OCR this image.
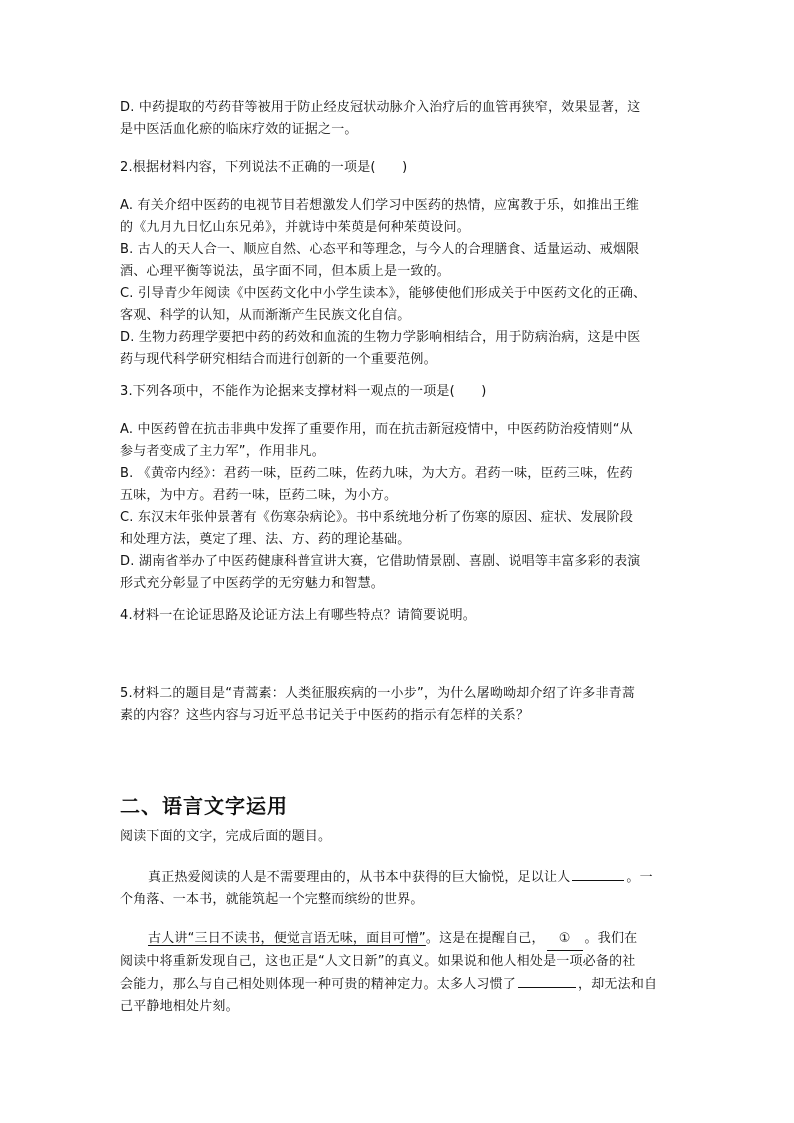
D. 中药提取的芍药苷等被用于防止经皮冠状动脉介入治疗后的血管再狭窄，效果显著，这
是中医活血化瘀的临床疗效的证据之一。
2.根据材料内容，下列说法不正确的一项是(　　)
A. 有关介绍中医药的电视节目若想激发人们学习中医药的热情，应寓教于乐，如推出王维
的《九月九日忆山东兄弟》，并就诗中茱萸是何种茱萸设问。
B. 古人的天人合一、顺应自然、心态平和等理念，与今人的合理膳食、适量运动、戒烟限
酒、心理平衡等说法，虽字面不同，但本质上是一致的。
C. 引导青少年阅读《中医药文化中小学生读本》，能够使他们形成关于中医药文化的正确、
客观、科学的认知，从而渐渐产生民族文化自信。
D. 生物力药理学要把中药的药效和血流的生物力学影响相结合，用于防病治病，这是中医
药与现代科学研究相结合而进行创新的一个重要范例。
3.下列各项中，不能作为论据来支撑材料一观点的一项是(　　)
A. 中医药曾在抗击非典中发挥了重要作用，而在抗击新冠疫情中，中医药防治疫情则“从
参与者变成了主力军”，作用非凡。
B. 《黄帝内经》：君药一味，臣药二味，佐药九味，为大方。君药一味，臣药三味，佐药
五味，为中方。君药一味，臣药二味，为小方。
C. 东汉末年张仲景著有《伤寒杂病论》。书中系统地分析了伤寒的原因、症状、发展阶段
和处理方法，奠定了理、法、方、药的理论基础。
D. 湖南省举办了中医药健康科普宣讲大赛，它借助情景剧、喜剧、说唱等丰富多彩的表演
形式充分彰显了中医药学的无穷魅力和智慧。
4.材料一在论证思路及论证方法上有哪些特点？请简要说明。
5.材料二的题目是“青蒿素：人类征服疾病的一小步”，为什么屠呦呦却介绍了许多非青蒿
素的内容？这些内容与习近平总书记关于中医药的指示有怎样的关系？
二、语言文字运用
阅读下面的文字，完成后面的题目。
真正热爱阅读的人是不需要理由的，从书本中获得的巨大愉悦，足以让人	。一
个角落、一本书，就能筑起一个完整而缤纷的世界。
古人讲“三日不读书，便觉言语无味，面目可憎”。这是在提醒自己， ① 。我们在
阅读中将重新发现自己，这也正是“人文日新”的真义。如果说和他人相处是一项必备的社
会能力，那么与自己相处则体现一种可贵的精神定力。太多人习惯了	，却无法和自
己平静地相处片刻。
